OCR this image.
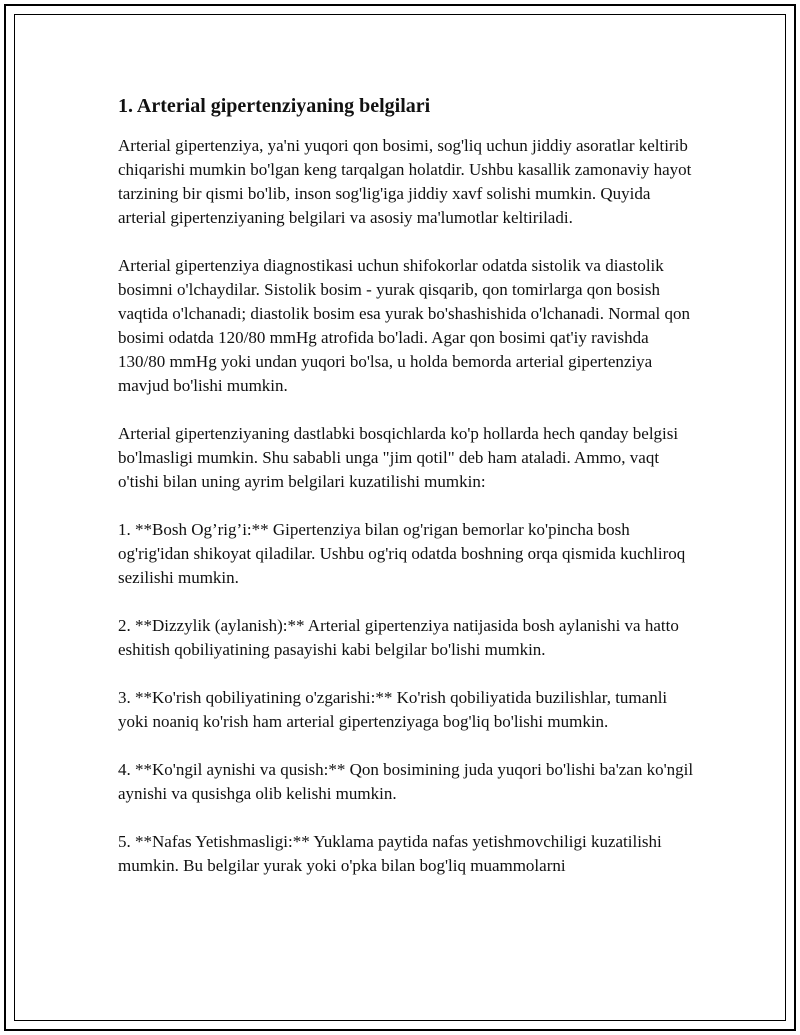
1. Arterial gipertenziyaning belgilari

Arterial gipertenziya, ya'ni yuqori qon bosimi, sog'liq uchun jiddiy asoratlar keltirib chiqarishi mumkin bo'lgan keng tarqalgan holatdir. Ushbu kasallik zamonaviy hayot tarzining bir qismi bo'lib, inson sog'lig'iga jiddiy xavf solishi mumkin. Quyida arterial gipertenziyaning belgilari va asosiy ma'lumotlar keltiriladi.

Arterial gipertenziya diagnostikasi uchun shifokorlar odatda sistolik va diastolik bosimni o'lchaydilar. Sistolik bosim - yurak qisqarib, qon tomirlarga qon bosish vaqtida o'lchanadi; diastolik bosim esa yurak bo'shashishida o'lchanadi. Normal qon bosimi odatda 120/80 mmHg atrofida bo'ladi. Agar qon bosimi qat'iy ravishda 130/80 mmHg yoki undan yuqori bo'lsa, u holda bemorda arterial gipertenziya mavjud bo'lishi mumkin.

Arterial gipertenziyaning dastlabki bosqichlarda ko'p hollarda hech qanday belgisi bo'lmasligi mumkin. Shu sababli unga "jim qotil" deb ham ataladi. Ammo, vaqt o'tishi bilan uning ayrim belgilari kuzatilishi mumkin:

1. **Bosh Og’rig’i:** Gipertenziya bilan og'rigan bemorlar ko'pincha bosh og'rig'idan shikoyat qiladilar. Ushbu og'riq odatda boshning orqa qismida kuchliroq sezilishi mumkin.

2. **Dizzylik (aylanish):** Arterial gipertenziya natijasida bosh aylanishi va hatto eshitish qobiliyatining pasayishi kabi belgilar bo'lishi mumkin.

3. **Ko'rish qobiliyatining o'zgarishi:** Ko'rish qobiliyatida buzilishlar, tumanli yoki noaniq ko'rish ham arterial gipertenziyaga bog'liq bo'lishi mumkin.

4. **Ko'ngil aynishi va qusish:** Qon bosimining juda yuqori bo'lishi ba'zan ko'ngil aynishi va qusishga olib kelishi mumkin.

5. **Nafas Yetishmasligi:** Yuklama paytida nafas yetishmovchiligi kuzatilishi mumkin. Bu belgilar yurak yoki o'pka bilan bog'liq muammolarni
